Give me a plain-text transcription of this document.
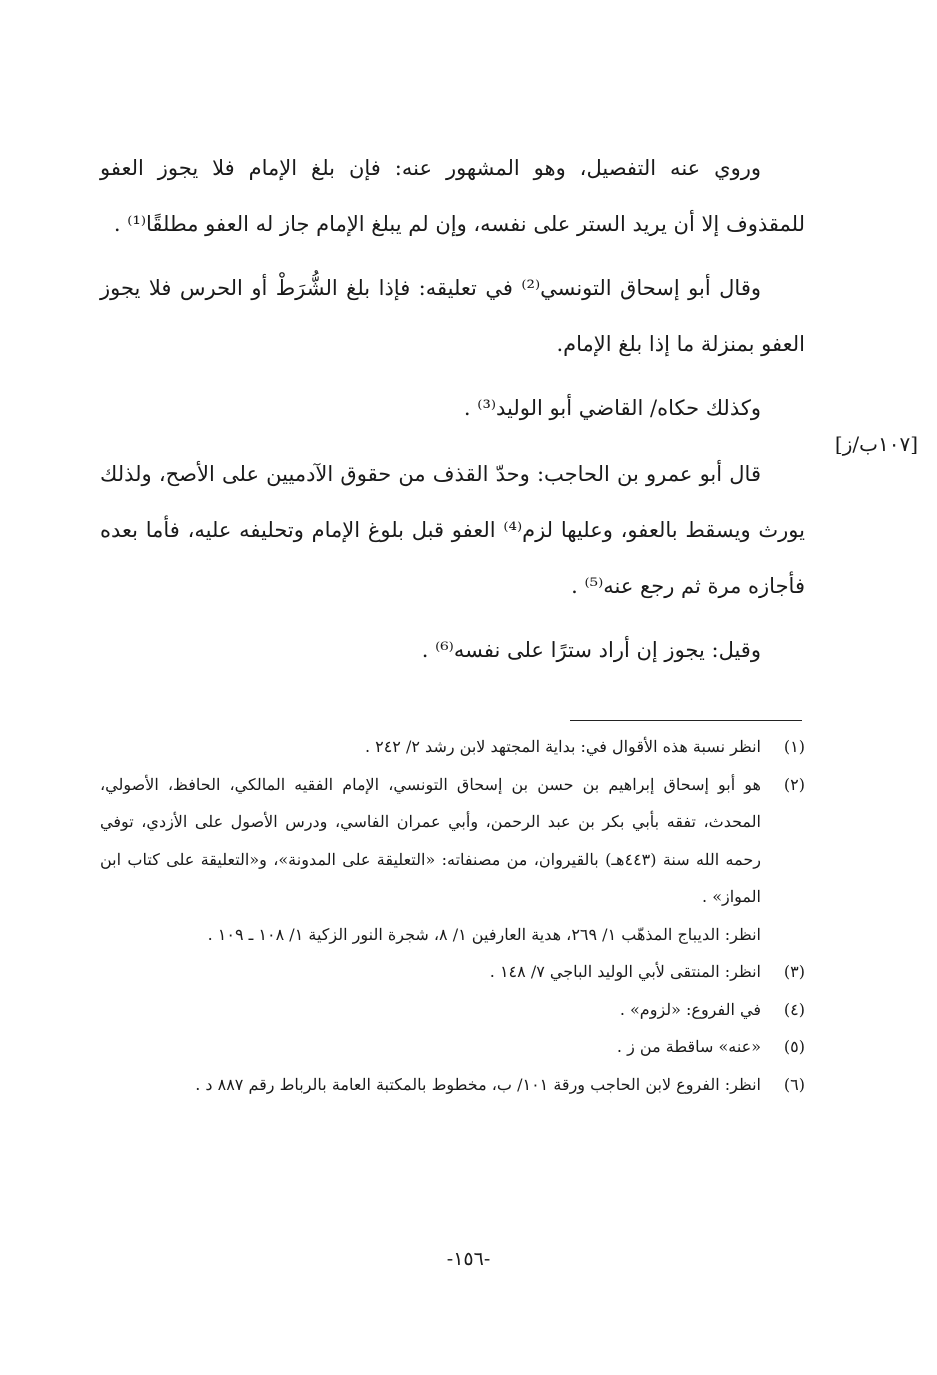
وروي عنه التفصيل، وهو المشهور عنه: فإن بلغ الإمام فلا يجوز العفو للمقذوف إلا أن يريد الستر على نفسه، وإن لم يبلغ الإمام جاز له العفو مطلقًا⁽¹⁾ .

وقال أبو إسحاق التونسي⁽²⁾ في تعليقه: فإذا بلغ الشُّرَطْ أو الحرس فلا يجوز العفو بمنزلة ما إذا بلغ الإمام.

وكذلك حكاه/ القاضي أبو الوليد⁽³⁾ .

قال أبو عمرو بن الحاجب: وحدّ القذف من حقوق الآدميين على الأصح، ولذلك يورث ويسقط بالعفو، وعليها لزم⁽⁴⁾ العفو قبل بلوغ الإمام وتحليفه عليه، فأما بعده فأجازه مرة ثم رجع عنه⁽⁵⁾ .

وقيل: يجوز إن أراد سترًا على نفسه⁽⁶⁾ .

[١٠٧ب/ز]
(١)
انظر نسبة هذه الأقوال في: بداية المجتهد لابن رشد ٢/ ٢٤٢ .
(٢)
هو أبو إسحاق إبراهيم بن حسن بن إسحاق التونسي، الإمام الفقيه المالكي، الحافظ، الأصولي، المحدث، تفقه بأبي بكر بن عبد الرحمن، وأبي عمران الفاسي، ودرس الأصول على الأزدي، توفي رحمه الله سنة (٤٤٣هـ) بالقيروان، من مصنفاته: «التعليقة على المدونة»، و«التعليقة على كتاب ابن المواز» .
انظر: الديباج المذهّب ١/ ٢٦٩، هدية العارفين ١/ ٨، شجرة النور الزكية ١/ ١٠٨ ـ ١٠٩ .
(٣)
انظر: المنتقى لأبي الوليد الباجي ٧/ ١٤٨ .
(٤)
في الفروع: «لزوم» .
(٥)
«عنه» ساقطة من ز .
(٦)
انظر: الفروع لابن الحاجب ورقة ١٠١/ ب، مخطوط بالمكتبة العامة بالرباط رقم ٨٨٧ د .
-١٥٦-
